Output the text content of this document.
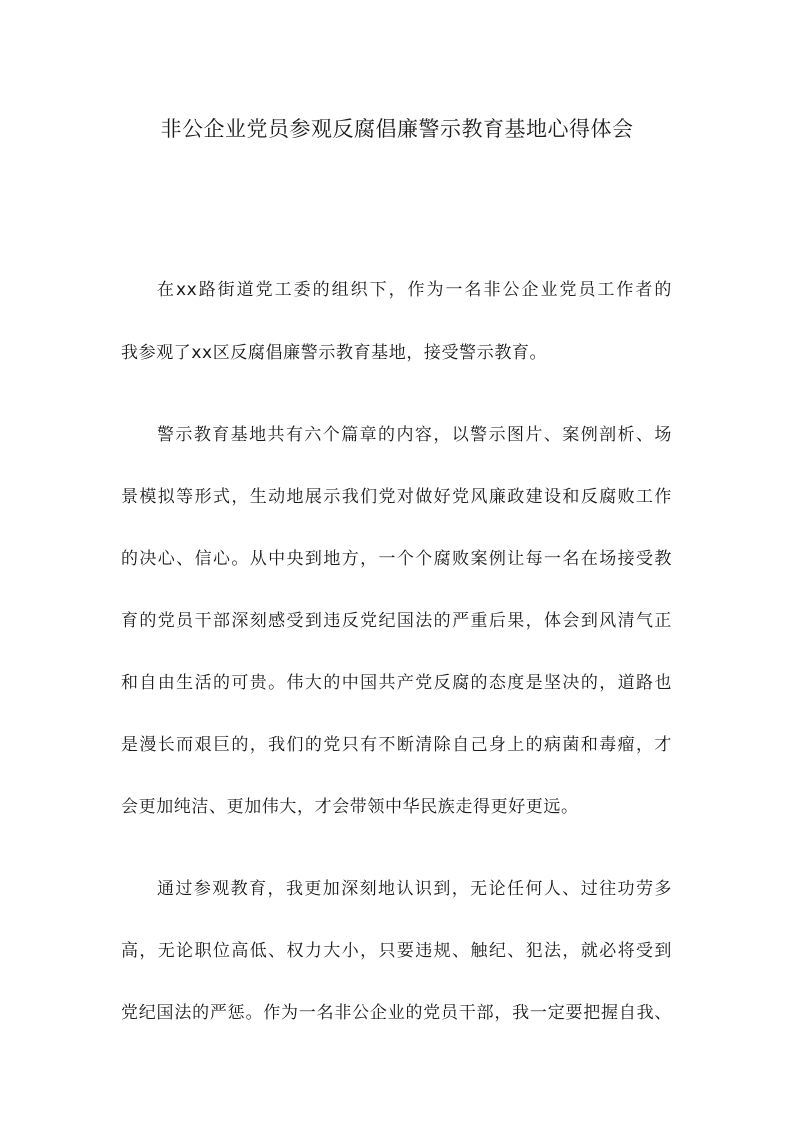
非公企业党员参观反腐倡廉警示教育基地心得体会

在xx路街道党工委的组织下，作为一名非公企业党员工作者的

我参观了xx区反腐倡廉警示教育基地，接受警示教育。

警示教育基地共有六个篇章的内容，以警示图片、案例剖析、场

景模拟等形式，生动地展示我们党对做好党风廉政建设和反腐败工作

的决心、信心。从中央到地方，一个个腐败案例让每一名在场接受教

育的党员干部深刻感受到违反党纪国法的严重后果，体会到风清气正

和自由生活的可贵。伟大的中国共产党反腐的态度是坚决的，道路也

是漫长而艰巨的，我们的党只有不断清除自己身上的病菌和毒瘤，才

会更加纯洁、更加伟大，才会带领中华民族走得更好更远。

通过参观教育，我更加深刻地认识到，无论任何人、过往功劳多

高，无论职位高低、权力大小，只要违规、触纪、犯法，就必将受到

党纪国法的严惩。作为一名非公企业的党员干部，我一定要把握自我、
